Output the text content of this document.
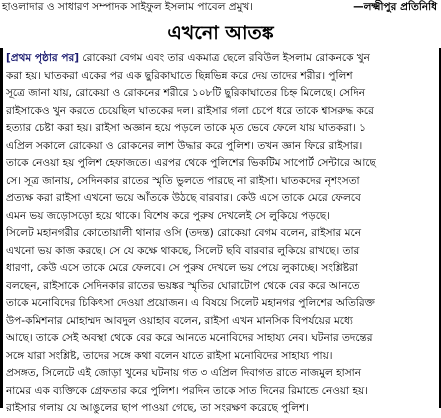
হাওলাদার ও সাধারণ সম্পাদক সাইফুল ইসলাম পাবেল প্রমুখ।	—লক্ষ্মীপুর প্রতিনিধি
এখনো আতঙ্ক
[প্রথম পৃষ্ঠার পর] রোকেয়া বেগম এবং তার একমাত্র ছেলে রবিউল ইসলাম রোকনকে খুন
করা হয়। ঘাতকরা একের পর এক ছুরিকাঘাতে ছিন্নভিন্ন করে দেয় তাদের শরীর। পুলিশ
সূত্রে জানা যায়, রোকেয়া ও রোকনের শরীরে ১০৮টি ছুরিকাঘাতের চিহ্ন মিলেছে। সেদিন
রাইসাকেও খুন করতে চেয়েছিল ঘাতকের দল। রাইসার গলা চেপে ধরে তাকে শ্বাসরুদ্ধ করে
হত্যার চেষ্টা করা হয়। রাইসা অজ্ঞান হয়ে পড়লে তাকে মৃত ভেবে ফেলে যায় ঘাতকরা। ১
এপ্রিল সকালে রোকেয়া ও রোকনের লাশ উদ্ধার করে পুলিশ। তখন জ্ঞান ফিরে রাইসার।
তাকে নেওয়া হয় পুলিশ হেফাজতে। এরপর থেকে পুলিশের ভিকটিম সাপোর্ট সেন্টারে আছে
সে। সূত্র জানায়, সেদিনকার রাতের স্মৃতি ভুলতে পারছে না রাইসা। ঘাতকদের নৃশংসতা
প্রত্যক্ষ করা রাইসা এখনো ভয়ে আঁতকে উঠছে বারবার। কেউ এসে তাকে মেরে ফেলবে
এমন ভয় জড়োসড়ো হয়ে থাকে। বিশেষ করে পুরুষ দেখলেই সে লুকিয়ে পড়ছে।
সিলেট মহানগরীর কোতোয়ালী থানার ওসি (তদন্ত) রোকেয়া বেগম বলেন, রাইসার মনে
এখনো ভয় কাজ করছে। সে যে কক্ষে থাকছে, সিলেট ছবি বারবার লুকিয়ে রাখছে। তার
ধারণা, কেউ এসে তাকে মেরে ফেলবে। সে পুরুষ দেখলে ভয় পেয়ে লুকাচ্ছে। সংশ্লিষ্টরা
বলছেন, রাইসাকে সেদিনকার রাতের ভয়ঙ্কর স্মৃতির ঘোরাটোপ থেকে বের করে আনতে
তাকে মনোবিদের চিকিৎসা দেওয়া প্রয়োজন। এ বিষয়ে সিলেট মহানগর পুলিশের অতিরিক্ত
উপ-কমিশনার মোহাম্মদ আবদুল ওয়াহাব বলেন, রাইসা এখন মানসিক বিপর্যয়ের মধ্যে
আছে। তাকে সেই অবস্থা থেকে বের করে আনতে মনোবিদের সাহায্য নেব। ঘটনার তদন্তের
সঙ্গে যারা সংশ্লিষ্ট, তাদের সঙ্গে কথা বলেন যাতে রাইসা মনোবিদের সাহায্য পায়।
প্রসঙ্গত, সিলেটে এই জোড়া খুনের ঘটনায় গত ৩ এপ্রিল দিবাগত রাতে নাজমুল হাসান
নামের এক ব্যক্তিকে গ্রেফতার করে পুলিশ। পরদিন তাকে সাত দিনের রিমান্ডে নেওয়া হয়।
রাইসার গলায় যে আঙুলের ছাপ পাওয়া গেছে, তা সংরক্ষণ করেছে পুলিশ।
